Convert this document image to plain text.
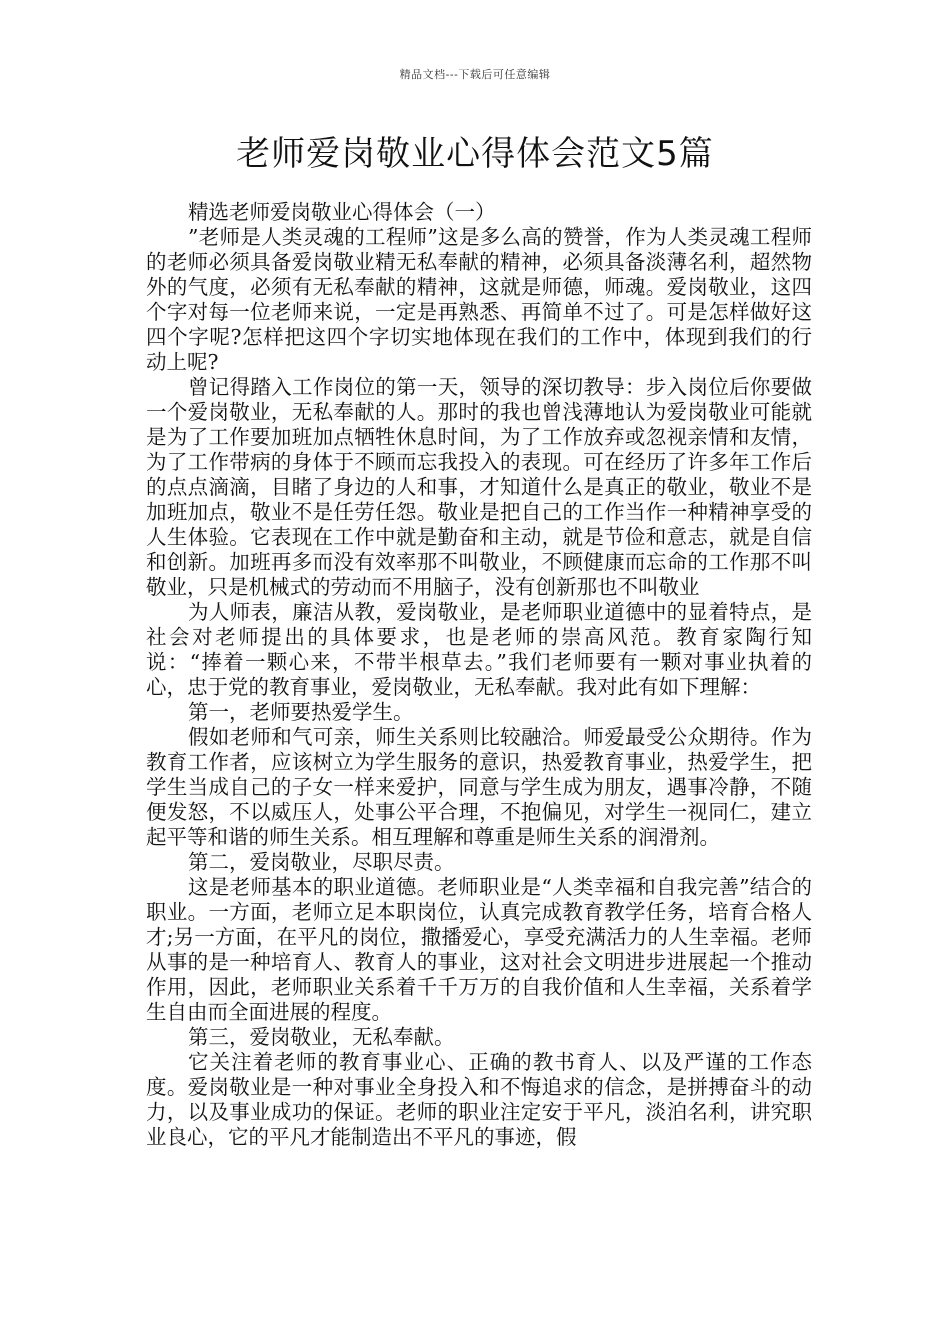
精品文档---下载后可任意编辑
老师爱岗敬业心得体会范文5篇

精选老师爱岗敬业心得体会（一）

”老师是人类灵魂的工程师”这是多么高的赞誉，作为人类灵魂工程师的老师必须具备爱岗敬业精无私奉献的精神，必须具备淡薄名利，超然物外的气度，必须有无私奉献的精神，这就是师德，师魂。爱岗敬业，这四个字对每一位老师来说，一定是再熟悉、再简单不过了。可是怎样做好这四个字呢?怎样把这四个字切实地体现在我们的工作中，体现到我们的行动上呢?

曾记得踏入工作岗位的第一天，领导的深切教导：步入岗位后你要做一个爱岗敬业，无私奉献的人。那时的我也曾浅薄地认为爱岗敬业可能就是为了工作要加班加点牺牲休息时间，为了工作放弃或忽视亲情和友情，为了工作带病的身体于不顾而忘我投入的表现。可在经历了许多年工作后的点点滴滴，目睹了身边的人和事，才知道什么是真正的敬业，敬业不是加班加点，敬业不是任劳任怨。敬业是把自己的工作当作一种精神享受的人生体验。它表现在工作中就是勤奋和主动，就是节俭和意志，就是自信和创新。加班再多而没有效率那不叫敬业，不顾健康而忘命的工作那不叫敬业，只是机械式的劳动而不用脑子，没有创新那也不叫敬业

为人师表，廉洁从教，爱岗敬业，是老师职业道德中的显着特点，是社会对老师提出的具体要求，也是老师的崇高风范。教育家陶行知说：“捧着一颗心来，不带半根草去。”我们老师要有一颗对事业执着的心，忠于党的教育事业，爱岗敬业，无私奉献。我对此有如下理解：

第一，老师要热爱学生。

假如老师和气可亲，师生关系则比较融洽。师爱最受公众期待。作为教育工作者，应该树立为学生服务的意识，热爱教育事业，热爱学生，把学生当成自己的子女一样来爱护，同意与学生成为朋友，遇事冷静，不随便发怒，不以威压人，处事公平合理，不抱偏见，对学生一视同仁，建立起平等和谐的师生关系。相互理解和尊重是师生关系的润滑剂。

第二，爱岗敬业，尽职尽责。

这是老师基本的职业道德。老师职业是“人类幸福和自我完善”结合的职业。一方面，老师立足本职岗位，认真完成教育教学任务，培育合格人才;另一方面，在平凡的岗位，撒播爱心，享受充满活力的人生幸福。老师从事的是一种培育人、教育人的事业，这对社会文明进步进展起一个推动作用，因此，老师职业关系着千千万万的自我价值和人生幸福，关系着学生自由而全面进展的程度。

第三，爱岗敬业，无私奉献。

它关注着老师的教育事业心、正确的教书育人、以及严谨的工作态度。爱岗敬业是一种对事业全身投入和不悔追求的信念，是拼搏奋斗的动力，以及事业成功的保证。老师的职业注定安于平凡，淡泊名利，讲究职业良心，它的平凡才能制造出不平凡的事迹，假
